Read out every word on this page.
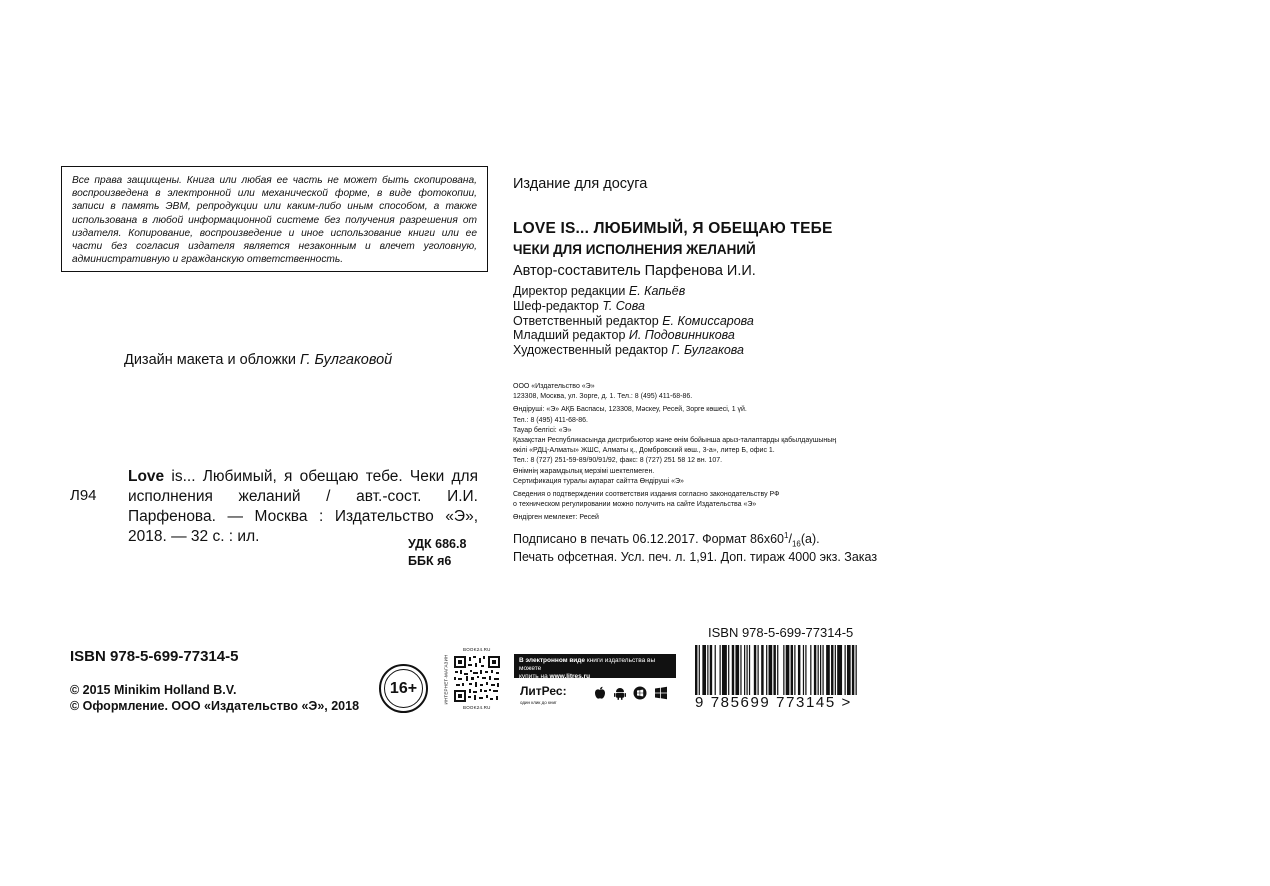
Все права защищены. Книга или любая ее часть не может быть скопирована, воспроизведена в электронной или механической форме, в виде фотокопии, записи в память ЭВМ, репродукции или каким-либо иным способом, а также использована в любой информационной системе без получения разрешения от издателя. Копирование, воспроизведение и иное использование книги или ее части без согласия издателя является незаконным и влечет уголовную, административную и гражданскую ответственность.
Дизайн макета и обложки Г. Булгаковой
Л94
Love is... Любимый, я обещаю тебе. Чеки для исполнения желаний / авт.-сост. И.И. Парфенова. — Москва : Издательство «Э», 2018. — 32 с. : ил.	УДК 686.8
ББК я6
ISBN 978-5-699-77314-5
© 2015 Minikim Holland B.V.
© Оформление. ООО «Издательство «Э», 2018
Издание для досуга
LOVE IS... ЛЮБИМЫЙ, Я ОБЕЩАЮ ТЕБЕ
ЧЕКИ ДЛЯ ИСПОЛНЕНИЯ ЖЕЛАНИЙ
Автор-составитель Парфенова И.И.
Директор редакции Е. Капьёв
Шеф-редактор Т. Сова
Ответственный редактор Е. Комиссарова
Младший редактор И. Подовинникова
Художественный редактор Г. Булгакова
ООО «Издательство «Э»
123308, Москва, ул. Зорге, д. 1. Тел.: 8 (495) 411-68-86.
Өндіруші: «Э» АҚБ Баспасы, 123308, Мәскеу, Ресей, Зорге көшесі, 1 үй.
Тел.: 8 (495) 411-68-86.
Тауар белгісі: «Э»
Қазақстан Республикасында дистрибьютор және өнім бойынша арыз-талаптарды қабылдаушының
өкілі «РДЦ-Алматы» ЖШС, Алматы қ., Домбровский көш., 3-а», литер Б, офис 1.
Тел.: 8 (727) 251-59-89/90/91/92, факс: 8 (727) 251 58 12 вн. 107.
Өнімнің жарамдылық мерзімі шектелмеген.
Сертификация туралы ақпарат сайтта Өндіруші «Э»
Сведения о подтверждении соответствия издания согласно законодательству РФ
о техническом регулировании можно получить на сайте Издательства «Э»
Өндірген мемлекет: Ресей
Подписано в печать 06.12.2017. Формат $86x60^1/_{16}(a)$.
Печать офсетная. Усл. печ. л. 1,91. Доп. тираж 4000 экз. Заказ
16+
BOOK24.RU
ИНТЕРНЕТ-МАГАЗИН
BOOK24.RU
В электронном виде книги издательства вы можете
купить на www.litres.ru
ЛитРес:
один клик до книг
ISBN 978-5-699-77314-5
9 785699 773145 >
